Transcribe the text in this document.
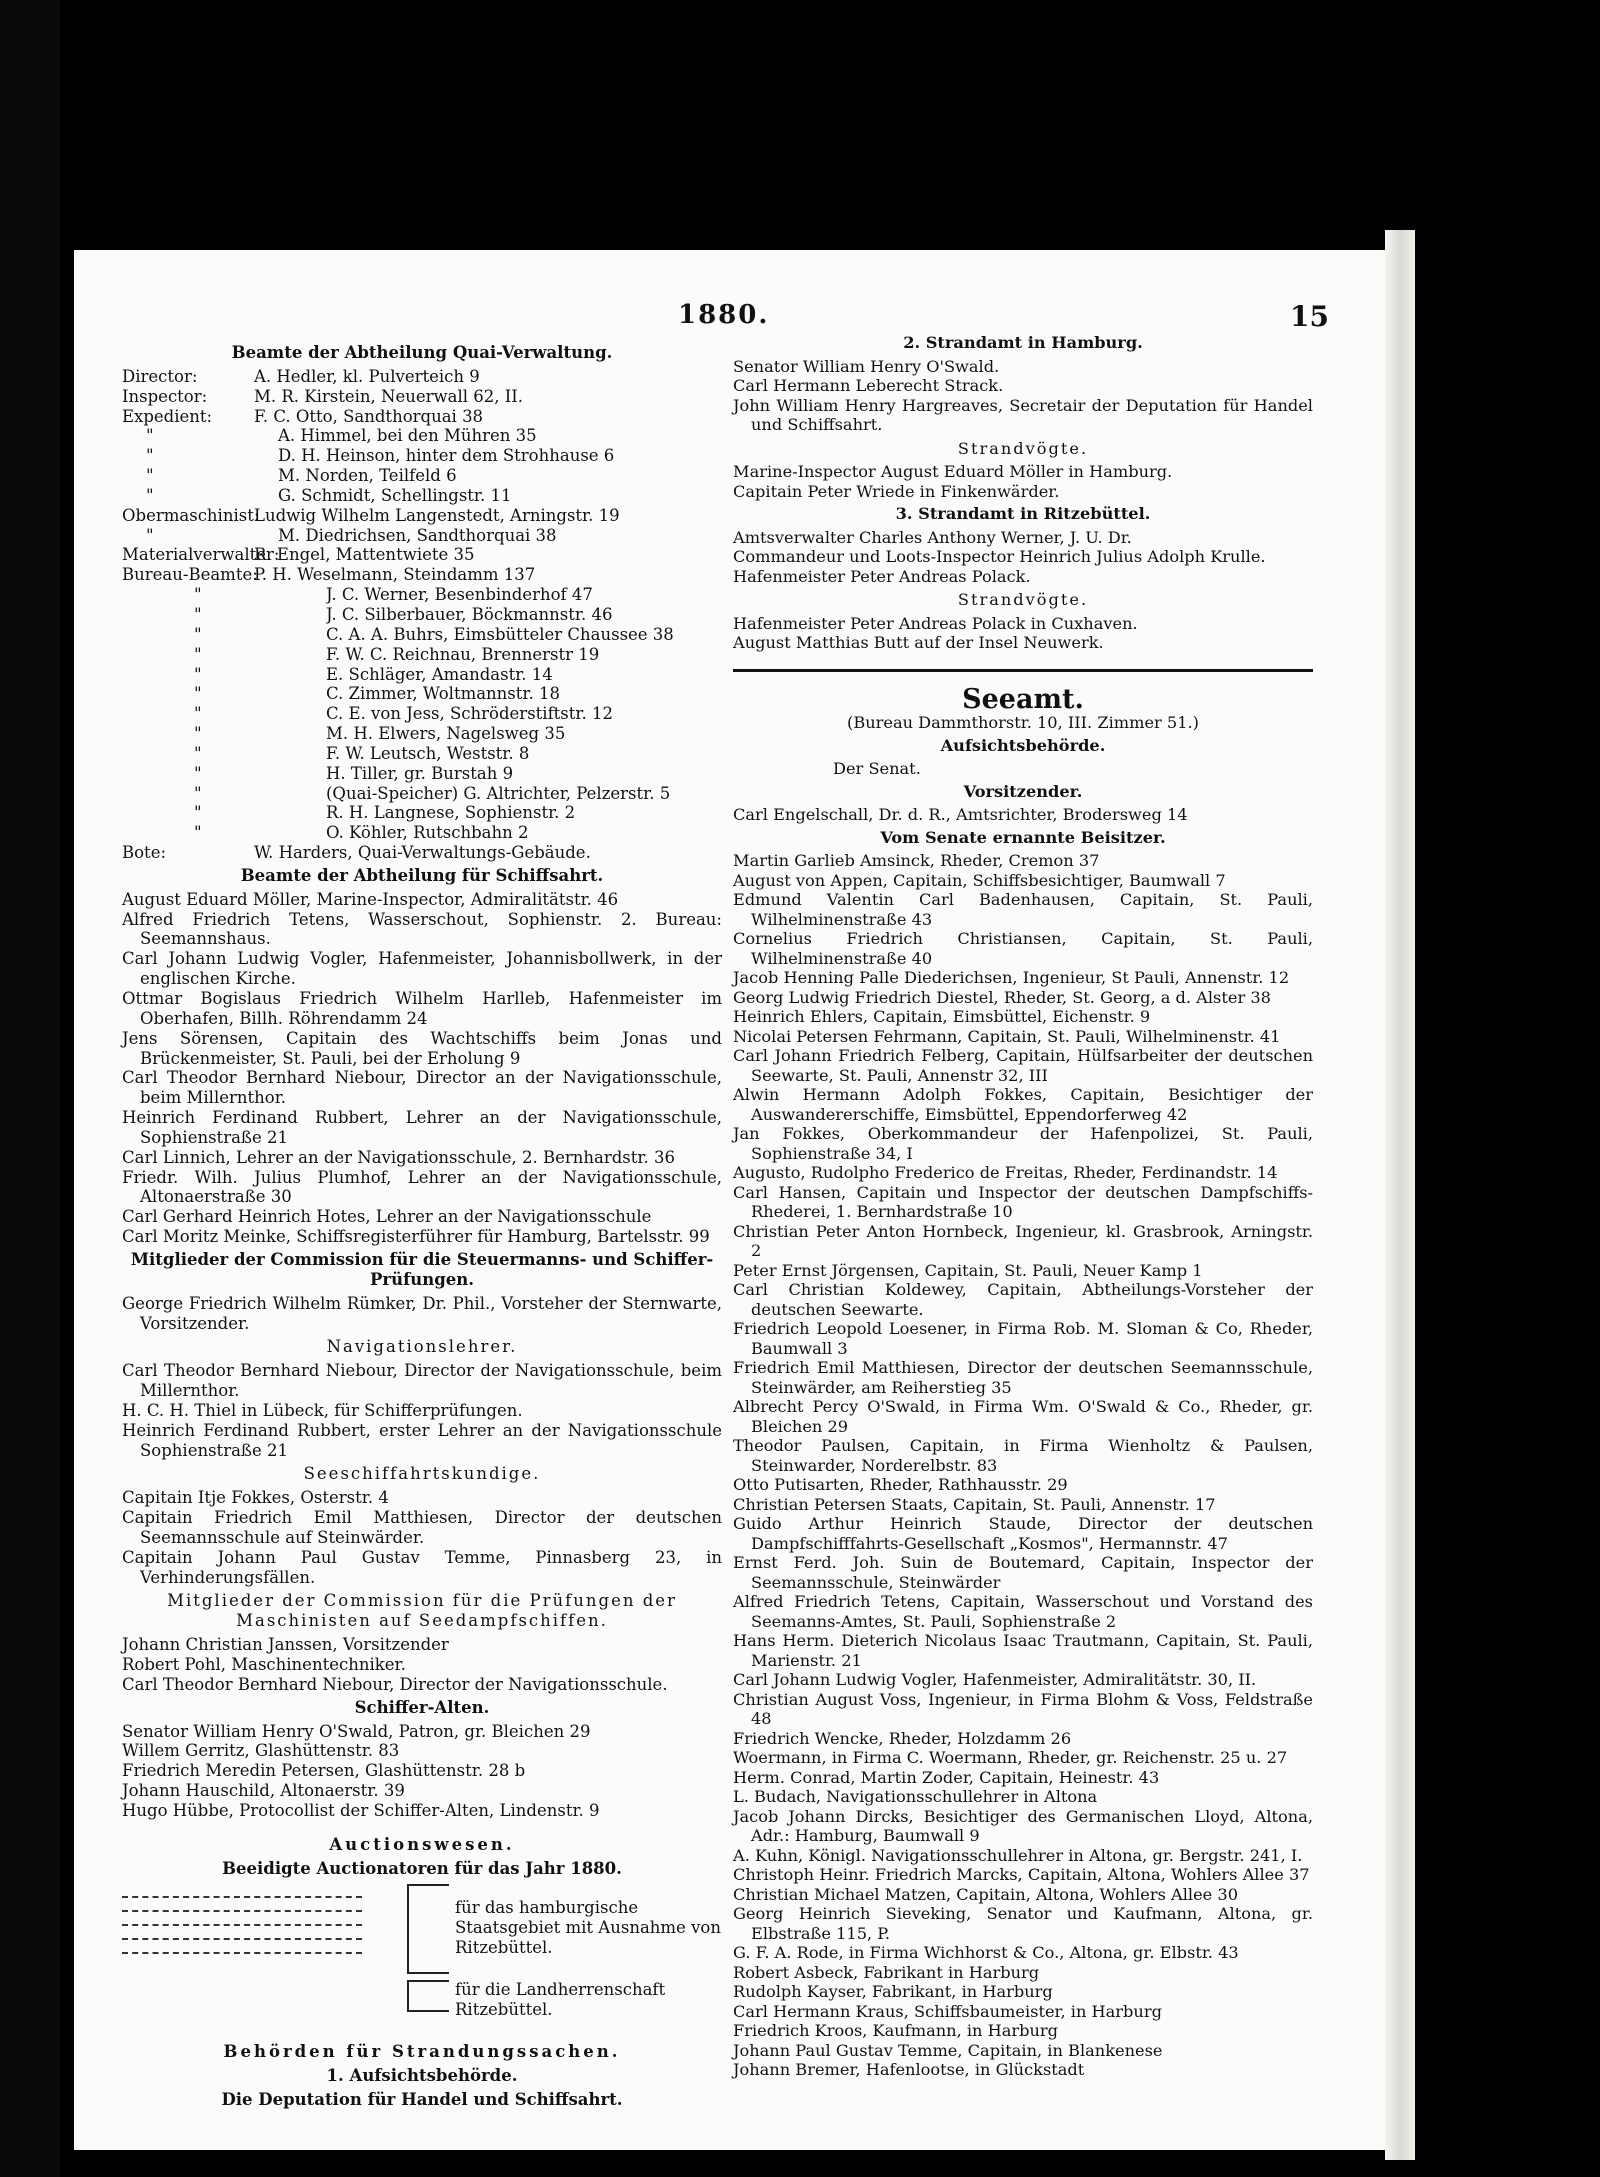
1880.	15
Beamte der Abtheilung Quai-Verwaltung.
Director:	A. Hedler, kl. Pulverteich 9
Inspector:	M. R. Kirstein, Neuerwall 62, II.
Expedient:	F. C. Otto, Sandthorquai 38
"	A. Himmel, bei den Mühren 35
"	D. H. Heinson, hinter dem Strohhause 6
"	M. Norden, Teilfeld 6
"	G. Schmidt, Schellingstr. 11
Obermaschinist:
Ludwig Wilhelm Langenstedt, Arningstr. 19
"	M. Diedrichsen, Sandthorquai 38
Materialverwalter:
R. Engel, Mattentwiete 35
Bureau-Beamte:
P. H. Weselmann, Steindamm 137
"	J. C. Werner, Besenbinderhof 47
"	J. C. Silberbauer, Böckmannstr. 46
"	C. A. A. Buhrs, Eimsbütteler Chaussee 38
"	F. W. C. Reichnau, Brennerstr 19
"	E. Schläger, Amandastr. 14
"	C. Zimmer, Woltmannstr. 18
"	C. E. von Jess, Schröderstiftstr. 12
"	M. H. Elwers, Nagelsweg 35
"	F. W. Leutsch, Weststr. 8
"	H. Tiller, gr. Burstah 9
"	(Quai-Speicher) G. Altrichter, Pelzerstr. 5
"	R. H. Langnese, Sophienstr. 2
"	O. Köhler, Rutschbahn 2
Bote:	W. Harders, Quai-Verwaltungs-Gebäude.
Beamte der Abtheilung für Schiffsahrt.
August Eduard Möller, Marine-Inspector, Admiralitätstr. 46
Alfred Friedrich Tetens, Wasserschout, Sophienstr. 2. Bureau: Seemannshaus.
Carl Johann Ludwig Vogler, Hafenmeister, Johannisbollwerk, in der englischen Kirche.
Ottmar Bogislaus Friedrich Wilhelm Harlleb, Hafenmeister im Oberhafen, Billh. Röhrendamm 24
Jens Sörensen, Capitain des Wachtschiffs beim Jonas und Brückenmeister, St. Pauli, bei der Erholung 9
Carl Theodor Bernhard Niebour, Director an der Navigationsschule, beim Millernthor.
Heinrich Ferdinand Rubbert, Lehrer an der Navigationsschule, Sophienstraße 21
Carl Linnich, Lehrer an der Navigationsschule, 2. Bernhardstr. 36
Friedr. Wilh. Julius Plumhof, Lehrer an der Navigationsschule, Altonaerstraße 30
Carl Gerhard Heinrich Hotes, Lehrer an der Navigationsschule
Carl Moritz Meinke, Schiffsregisterführer für Hamburg, Bartelsstr. 99
Mitglieder der Commission für die Steuermanns- und Schiffer-Prüfungen.
George Friedrich Wilhelm Rümker, Dr. Phil., Vorsteher der Sternwarte, Vorsitzender.
Navigationslehrer.
Carl Theodor Bernhard Niebour, Director der Navigationsschule, beim Millernthor.
H. C. H. Thiel in Lübeck, für Schifferprüfungen.
Heinrich Ferdinand Rubbert, erster Lehrer an der Navigationsschule Sophienstraße 21
Seeschiffahrtskundige.
Capitain Itje Fokkes, Osterstr. 4
Capitain Friedrich Emil Matthiesen, Director der deutschen Seemannsschule auf Steinwärder.
Capitain Johann Paul Gustav Temme, Pinnasberg 23, in Verhinderungsfällen.
Mitglieder der Commission für die Prüfungen der Maschinisten auf Seedampfschiffen.
Johann Christian Janssen, Vorsitzender
Robert Pohl, Maschinentechniker.
Carl Theodor Bernhard Niebour, Director der Navigationsschule.
Schiffer-Alten.
Senator William Henry O'Swald, Patron, gr. Bleichen 29
Willem Gerritz, Glashüttenstr. 83
Friedrich Meredin Petersen, Glashüttenstr. 28 b
Johann Hauschild, Altonaerstr. 39
Hugo Hübbe, Protocollist der Schiffer-Alten, Lindenstr. 9
Auctionswesen.
Beeidigte Auctionatoren für das Jahr 1880.
für das hamburgische Staatsgebiet mit Ausnahme von Ritzebüttel.
für die Landherrenschaft Ritzebüttel.
Behörden für Strandungssachen.
1. Aufsichtsbehörde.
Die Deputation für Handel und Schiffsahrt.
2. Strandamt in Hamburg.
Senator William Henry O'Swald.
Carl Hermann Leberecht Strack.
John William Henry Hargreaves, Secretair der Deputation für Handel und Schiffsahrt.
Strandvögte.
Marine-Inspector August Eduard Möller in Hamburg.
Capitain Peter Wriede in Finkenwärder.
3. Strandamt in Ritzebüttel.
Amtsverwalter Charles Anthony Werner, J. U. Dr.
Commandeur und Loots-Inspector Heinrich Julius Adolph Krulle.
Hafenmeister Peter Andreas Polack.
Strandvögte.
Hafenmeister Peter Andreas Polack in Cuxhaven.
August Matthias Butt auf der Insel Neuwerk.
Seeamt.
(Bureau Dammthorstr. 10, III. Zimmer 51.)
Aufsichtsbehörde.
Der Senat.
Vorsitzender.
Carl Engelschall, Dr. d. R., Amtsrichter, Brodersweg 14
Vom Senate ernannte Beisitzer.
Martin Garlieb Amsinck, Rheder, Cremon 37
August von Appen, Capitain, Schiffsbesichtiger, Baumwall 7
Edmund Valentin Carl Badenhausen, Capitain, St. Pauli, Wilhelminenstraße 43
Cornelius Friedrich Christiansen, Capitain, St. Pauli, Wilhelminenstraße 40
Jacob Henning Palle Diederichsen, Ingenieur, St Pauli, Annenstr. 12
Georg Ludwig Friedrich Diestel, Rheder, St. Georg, a d. Alster 38
Heinrich Ehlers, Capitain, Eimsbüttel, Eichenstr. 9
Nicolai Petersen Fehrmann, Capitain, St. Pauli, Wilhelminenstr. 41
Carl Johann Friedrich Felberg, Capitain, Hülfsarbeiter der deutschen Seewarte, St. Pauli, Annenstr 32, III
Alwin Hermann Adolph Fokkes, Capitain, Besichtiger der Auswandererschiffe, Eimsbüttel, Eppendorferweg 42
Jan Fokkes, Oberkommandeur der Hafenpolizei, St. Pauli, Sophienstraße 34, I
Augusto, Rudolpho Frederico de Freitas, Rheder, Ferdinandstr. 14
Carl Hansen, Capitain und Inspector der deutschen Dampfschiffs-Rhederei, 1. Bernhardstraße 10
Christian Peter Anton Hornbeck, Ingenieur, kl. Grasbrook, Arningstr. 2
Peter Ernst Jörgensen, Capitain, St. Pauli, Neuer Kamp 1
Carl Christian Koldewey, Capitain, Abtheilungs-Vorsteher der deutschen Seewarte.
Friedrich Leopold Loesener, in Firma Rob. M. Sloman & Co, Rheder, Baumwall 3
Friedrich Emil Matthiesen, Director der deutschen Seemannsschule, Steinwärder, am Reiherstieg 35
Albrecht Percy O'Swald, in Firma Wm. O'Swald & Co., Rheder, gr. Bleichen 29
Theodor Paulsen, Capitain, in Firma Wienholtz & Paulsen, Steinwarder, Norderelbstr. 83
Otto Putisarten, Rheder, Rathhausstr. 29
Christian Petersen Staats, Capitain, St. Pauli, Annenstr. 17
Guido Arthur Heinrich Staude, Director der deutschen Dampfschifffahrts-Gesellschaft „Kosmos", Hermannstr. 47
Ernst Ferd. Joh. Suin de Boutemard, Capitain, Inspector der Seemannsschule, Steinwärder
Alfred Friedrich Tetens, Capitain, Wasserschout und Vorstand des Seemanns-Amtes, St. Pauli, Sophienstraße 2
Hans Herm. Dieterich Nicolaus Isaac Trautmann, Capitain, St. Pauli, Marienstr. 21
Carl Johann Ludwig Vogler, Hafenmeister, Admiralitätstr. 30, II.
Christian August Voss, Ingenieur, in Firma Blohm & Voss, Feldstraße 48
Friedrich Wencke, Rheder, Holzdamm 26
Woermann, in Firma C. Woermann, Rheder, gr. Reichenstr. 25 u. 27
Herm. Conrad, Martin Zoder, Capitain, Heinestr. 43
L. Budach, Navigationsschullehrer in Altona
Jacob Johann Dircks, Besichtiger des Germanischen Lloyd, Altona, Adr.: Hamburg, Baumwall 9
A. Kuhn, Königl. Navigationsschullehrer in Altona, gr. Bergstr. 241, I.
Christoph Heinr. Friedrich Marcks, Capitain, Altona, Wohlers Allee 37
Christian Michael Matzen, Capitain, Altona, Wohlers Allee 30
Georg Heinrich Sieveking, Senator und Kaufmann, Altona, gr. Elbstraße 115, P.
G. F. A. Rode, in Firma Wichhorst & Co., Altona, gr. Elbstr. 43
Robert Asbeck, Fabrikant in Harburg
Rudolph Kayser, Fabrikant, in Harburg
Carl Hermann Kraus, Schiffsbaumeister, in Harburg
Friedrich Kroos, Kaufmann, in Harburg
Johann Paul Gustav Temme, Capitain, in Blankenese
Johann Bremer, Hafenlootse, in Glückstadt
